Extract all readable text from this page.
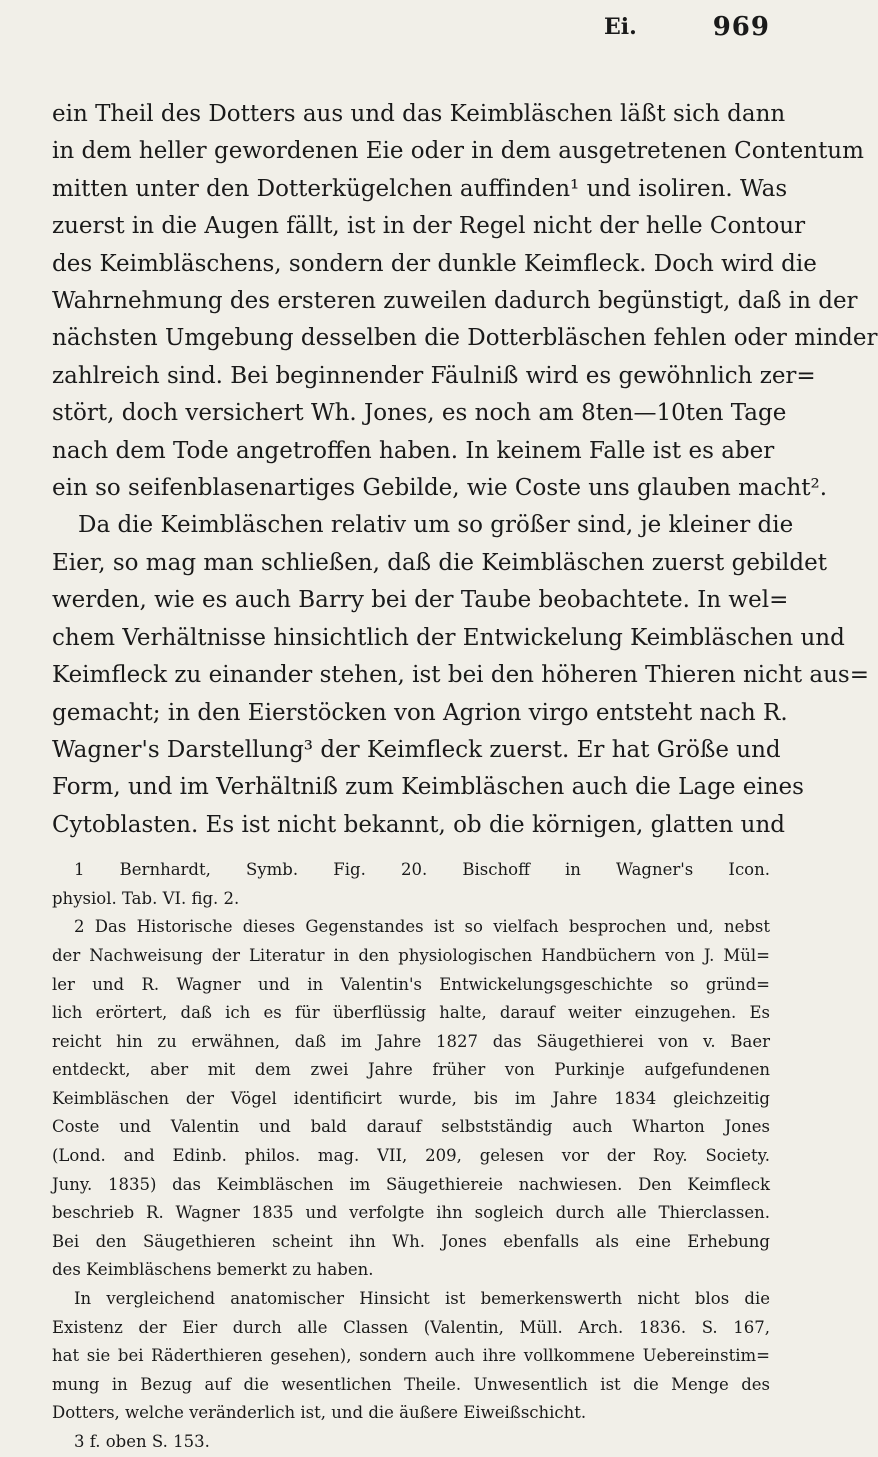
Ei.	969
ein Theil des Dotters aus und das Keimbläschen läßt sich dann
in dem heller gewordenen Eie oder in dem ausgetretenen Contentum
mitten unter den Dotterkügelchen auffinden¹ und isoliren. Was
zuerst in die Augen fällt, ist in der Regel nicht der helle Contour
des Keimbläschens, sondern der dunkle Keimfleck. Doch wird die
Wahrnehmung des ersteren zuweilen dadurch begünstigt, daß in der
nächsten Umgebung desselben die Dotterbläschen fehlen oder minder
zahlreich sind. Bei beginnender Fäulniß wird es gewöhnlich zer=
stört, doch versichert Wh. Jones, es noch am 8ten—10ten Tage
nach dem Tode angetroffen haben. In keinem Falle ist es aber
ein so seifenblasenartiges Gebilde, wie Coste uns glauben macht².
Da die Keimbläschen relativ um so größer sind, je kleiner die
Eier, so mag man schließen, daß die Keimbläschen zuerst gebildet
werden, wie es auch Barry bei der Taube beobachtete. In wel=
chem Verhältnisse hinsichtlich der Entwickelung Keimbläschen und
Keimfleck zu einander stehen, ist bei den höheren Thieren nicht aus=
gemacht; in den Eierstöcken von Agrion virgo entsteht nach R.
Wagner's Darstellung³ der Keimfleck zuerst. Er hat Größe und
Form, und im Verhältniß zum Keimbläschen auch die Lage eines
Cytoblasten. Es ist nicht bekannt, ob die körnigen, glatten und
1 Bernhardt, Symb. Fig. 20. Bischoff in Wagner's Icon.
physiol. Tab. VI. fig. 2.
2 Das Historische dieses Gegenstandes ist so vielfach besprochen und, nebst
der Nachweisung der Literatur in den physiologischen Handbüchern von J. Mül=
ler und R. Wagner und in Valentin's Entwickelungsgeschichte so gründ=
lich erörtert, daß ich es für überflüssig halte, darauf weiter einzugehen. Es
reicht hin zu erwähnen, daß im Jahre 1827 das Säugethierei von v. Baer
entdeckt, aber mit dem zwei Jahre früher von Purkinje aufgefundenen
Keimbläschen der Vögel identificirt wurde, bis im Jahre 1834 gleichzeitig
Coste und Valentin und bald darauf selbstständig auch Wharton Jones
(Lond. and Edinb. philos. mag. VII, 209, gelesen vor der Roy. Society.
Juny. 1835) das Keimbläschen im Säugethiereie nachwiesen. Den Keimfleck
beschrieb R. Wagner 1835 und verfolgte ihn sogleich durch alle Thierclassen.
Bei den Säugethieren scheint ihn Wh. Jones ebenfalls als eine Erhebung
des Keimbläschens bemerkt zu haben.
In vergleichend anatomischer Hinsicht ist bemerkenswerth nicht blos die
Existenz der Eier durch alle Classen (Valentin, Müll. Arch. 1836. S. 167,
hat sie bei Räderthieren gesehen), sondern auch ihre vollkommene Uebereinstim=
mung in Bezug auf die wesentlichen Theile. Unwesentlich ist die Menge des
Dotters, welche veränderlich ist, und die äußere Eiweißschicht.
3 f. oben S. 153.
